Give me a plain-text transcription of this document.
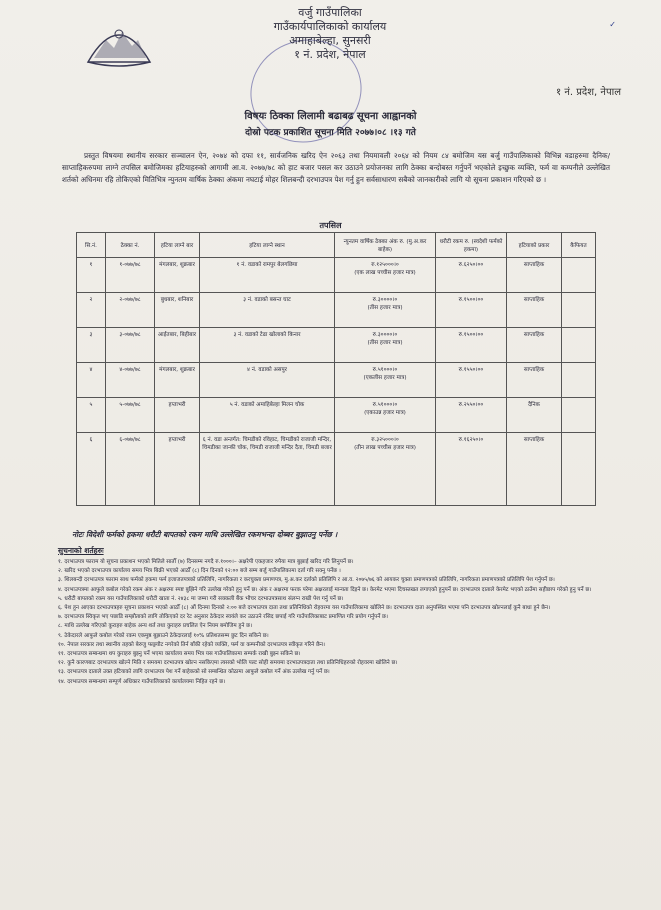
✓
वर्जु गाउँपालिका
गाउँकार्यपालिकाको कार्यालय
अमाहाबेल्हा, सुनसरी
१ नं. प्रदेश, नेपाल
१ नं. प्रदेश, नेपाल
विषयः ठिक्का लिलामी बढाबढ सूचना आह्वानको
दोस्रो पटक प्रकाशित सूचना मिति २०७७।०८ ।१३ गते
प्रस्तुत विषयमा स्थानीय सरकार सञ्चालन ऐन, २०७४ को दफा ११, सार्वजनिक खरिद ऐन २०६३ तथा नियमावली २०६४ को नियम ८४ बमोजिम यस बर्जु गाउँपालिकाको विभिन्न वडाहरुमा दैनिक/साप्ताहिकरुपमा लाग्ने तपसिल बमोजिमका हटियाहरुको आगामी आ.व. २०७७/७८ को हाट बजार पसल कर उठाउने प्रयोजनका लागि ठेक्का बन्दोबस्त गर्नुपर्ने भएकोले इच्छुक व्यक्ति, फर्म वा कम्पनीले उल्लेखित शर्तको अधिनमा रहि तोकिएको मितिभित्र न्युनतम वार्षिक ठेक्का अंकमा नघटाई मोहर शिलबन्दी दरभाउपत्र पेश गर्नु हुन सर्वसाधारण सबैको जानकारीको लागि यो सूचना प्रकाशन गरिएको छ ।
तपसिल
सि.नं.	ठेक्का नं.	हटिया लाग्ने बार	हटिया लाग्ने स्थान	न्युनतम वार्षिक ठेक्का अंक रु. (मु.अ.कर बाहेक)	धरौटी रकम रु. (स्वदेशी फर्मको हकमा)	हटियाको प्रकार	कैफियत
१	१-०७७/७८	मंगलबार, शुक्रबार	१ नं. वडाको रामपुर बेलगछिया	रु.१२५०००।०
(एक लाख पच्चीस हजार मात्र)	रु.६२५०।००	साप्ताहिक	
२	२-०७७/७८	बुधबार, शनिबार	३ नं. वडाको बसन्त घाट	रु.३००००।०
(तीस हजार मात्र)	रु.१५००।००	साप्ताहिक	
३	३-०७७/७८	आईतबार, बिहीबार	३ नं. वडाको टेढा खोलाको किनार	रु.३००००।०
(तीस हजार मात्र)	रु.१५००।००	साप्ताहिक	
४	४-०७७/७८	मंगलबार, शुक्रबार	४ नं. वडाको असपुर	रु.५१०००।०
(एकलीस हजार मात्र)	रु.१५५०।००	साप्ताहिक	
५	५-०७७/७८	हप्ताभरी	५ नं. वडाको अमाहिबेल्हा मिलन चोक	रु.५१०००।०
(एकाउन्न हजार मात्र)	रु.२५५०।००	दैनिक	
६	६-०७७/७८	हप्ताभरी	६ नं. वडा अन्तर्गत: चिमडीको रविहाट, चिमडीको राजाजी मन्दिर, चिमडीका जान्की चोक, चिमडी राजाजी मन्दिर दैता, चिमडी बजार	रु.३२५०००।०
(तीन लाख पच्चीस हजार मात्र)	रु.१६२५०।०	साप्ताहिक	
नोटः विदेशी फर्मको हकमा धरौटी बापतको रकम माथि उल्लेखित रकमभन्दा दोब्बर बुझाउनु पर्नेछ ।
सुचनाको शर्तहरुः
१. दरभाउपत्र फाराम यो सूचना प्रकाशन भएको मितिले सातौँ (७) दिनसम्म नगदै रु.१०००।– अक्षरेपी एकहजार रुपैया मात्र बुझाई खरिद गरि लिनुपर्ने छ।
२. खरिद भएको दरभाउपत्र कार्यालय समय भित्र बिक्री भएको आठौँ (८) दिन दिनको १२:०० बजे सम्म बर्जु गाउँपालिकामा दर्ता गरि सक्नु पर्नेछ ।
३. शिलबन्दी दरभाउपत्र फाराम साथ फर्मको हकमा फर्म इजाजतपत्रको प्रतिलिपि, नागरिकता र करचुक्ता प्रमाणपत्र, मु.अ.कर दर्ताको प्रतिलिपि र आ.व. २०७५/७६ को आयकर चुक्ता प्रमाणपत्रको प्रतिलिपि, नागरिकता प्रमाणपत्रको प्रतिलिपि पेश गर्नुपर्ने छ।
४. दरभाउपत्रमा आफुले कबोल गरेको रकम अंक र अक्षरमा स्पष्ट बुझिने गरि उल्लेख गरेको हुनु पर्ने छ। अंक र अक्षरमा फरक परेमा अक्षरलाई मान्यता दिइने छ। केरमेट भएमा दिचस्तखत लगाएको हुनुपर्ने छ। दरभाउपत्र दाताले केरमेट भएको ठाउँमा सहीछाप गरेको हुनु पर्ने छ।
५. धरौटी बापतको रकम यस गाउँपालिकाको धरौटी खाता नं. २४३८ मा जम्मा गरी सक्कली बैंक भौचर दरभाउपत्रसाथ संलग्न राखी पेश गर्नु पर्ने छ।
६. पेश हुन आएका दरभाउपत्रहरु सूचना प्रकाशन भएको आठौँ (८) औं दिनमा दिनको २:०० बजे दरभाउपत्र दाता तथा प्रतिनिधिको रोहवरमा यस गाउँपालिकामा खोलिने छ। दरभाउपत्र दाता अनुपस्थित भएमा पनि दरभाउपत्र खोल्नलाई कुनै बाधा हुने छैन।
७. दरभाउपत्र स्विकृत भए पछाडि सम्झौताको लागि तोकिएको दर रेट अनुसार ठेकेदार स्वयंले कर उठाउने रसिद छपाई गरि गाउँपालिकाबाट प्रमाणित गरि प्रयोग गर्नुपर्ने छ।
८. माथि उल्लेख गरिएको कुराहरु बाहेक अन्य शर्त तथा कुराहरु प्रचलित ऐन नियम बमोजिम हुने छ।
९. ठेकेदारले आफुले कबोल गरेको रकम एकमुष्ठ बुझाउने ठेकेदारलाई १०% प्रतिशतसम्म छुट दिन सकिने छ।
१०. नेपाल सरकार तथा स्थानीय तहको बेरुजु फछ्र्यौट नगरेको तिर्न बाँकी रहेको व्यक्ति, फर्म वा कम्पनीको दरभाउपत्र स्वीकृत गरिने छैन।
११. दरभाउपत्र सम्बन्धमा थप कुराहरु बुझ्नु पर्ने भएमा कार्यालय समय भित्र यस गाउँपालिकामा सम्पर्क राखी बुझ्न सकिने छ।
१२. कुनै कारणबाट दरभाउपत्र खोल्ने मिति र समयमा दरभाउपत्र खोल्न नसकिएमा त्यसको भोलि पल्ट सोही समयमा दरभाउपत्रदाता तथा प्रतिनिधिहरुको रोहवरमा खोलिने छ।
१३. दरभाउपत्र दाताले उक्त हटियाको लागि दरभाउपत्र पेश गर्ने बाहेकको सो सम्बन्धित कोठामा आफुले कबोल गर्ने अंक उल्लेख गर्नु पर्ने छ।
१४. दरभाउपत्र सम्बन्धमा सम्पूर्ण अधिकार गाउँपालिकाको कार्यालयमा निहित रहने छ।
